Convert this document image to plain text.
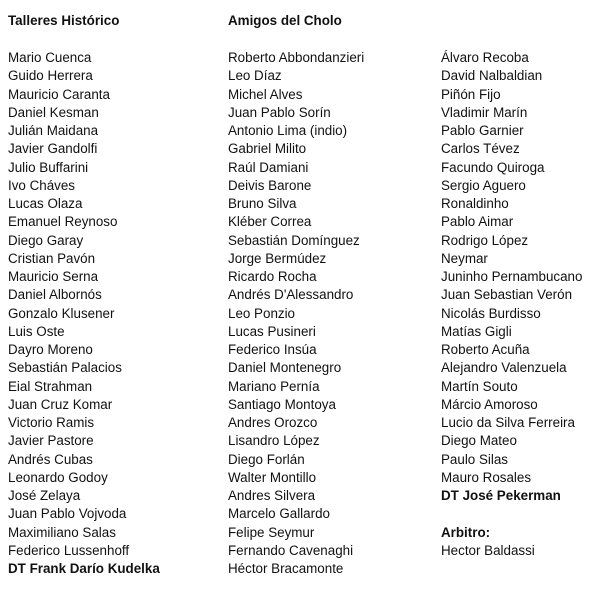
Talleres Histórico
Mario Cuenca
Guido Herrera
Mauricio Caranta
Daniel Kesman
Julián Maidana
Javier Gandolfi
Julio Buffarini
Ivo Cháves
Lucas Olaza
Emanuel Reynoso
Diego Garay
Cristian Pavón
Mauricio Serna
Daniel Albornós
Gonzalo Klusener
Luis Oste
Dayro Moreno
Sebastián Palacios
Eial Strahman
Juan Cruz Komar
Victorio Ramis
Javier Pastore
Andrés Cubas
Leonardo Godoy
José Zelaya
Juan Pablo Vojvoda
Maximiliano Salas
Federico Lussenhoff
DT Frank Darío Kudelka
Amigos del Cholo
Roberto Abbondanzieri
Leo Díaz
Michel Alves
Juan Pablo Sorín
Antonio Lima (indio)
Gabriel Milito
Raúl Damiani
Deivis Barone
Bruno Silva
Kléber Correa
Sebastián Domínguez
Jorge Bermúdez
Ricardo Rocha
Andrés D'Alessandro
Leo Ponzio
Lucas Pusineri
Federico Insúa
Daniel Montenegro
Mariano Pernía
Santiago Montoya
Andres Orozco
Lisandro López
Diego Forlán
Walter Montillo
Andres Silvera
Marcelo Gallardo
Felipe Seymur
Fernando Cavenaghi
Héctor Bracamonte
Álvaro Recoba
David Nalbaldian
Piñón Fijo
Vladimir Marín
Pablo Garnier
Carlos Tévez
Facundo Quiroga
Sergio Aguero
Ronaldinho
Pablo Aimar
Rodrigo López
Neymar
Juninho Pernambucano
Juan Sebastian Verón
Nicolás Burdisso
Matías Gigli
Roberto Acuña
Alejandro Valenzuela
Martín Souto
Márcio Amoroso
Lucio da Silva Ferreira
Diego Mateo
Paulo Silas
Mauro Rosales
DT José Pekerman
Arbitro:
Hector Baldassi
